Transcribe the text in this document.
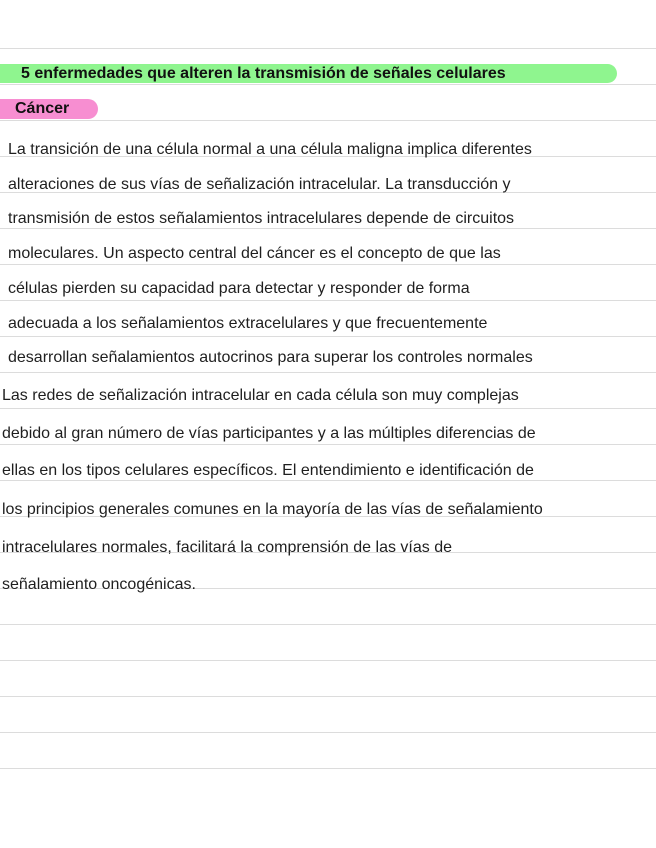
5 enfermedades que alteren la transmisión de señales celulares
Cáncer
La transición de una célula normal a una célula maligna implica diferentes
alteraciones de sus vías de señalización intracelular. La transducción y
transmisión de estos señalamientos intracelulares depende de circuitos
moleculares. Un aspecto central del cáncer es el concepto de que las
células pierden su capacidad para detectar y responder de forma
adecuada a los señalamientos extracelulares y que frecuentemente
desarrollan señalamientos autocrinos para superar los controles normales
Las redes de señalización intracelular en cada célula son muy complejas
debido al gran número de vías participantes y a las múltiples diferencias de
ellas en los tipos celulares específicos. El entendimiento e identificación de
los principios generales comunes en la mayoría de las vías de señalamiento
intracelulares normales, facilitará la comprensión de las vías de
señalamiento oncogénicas.
